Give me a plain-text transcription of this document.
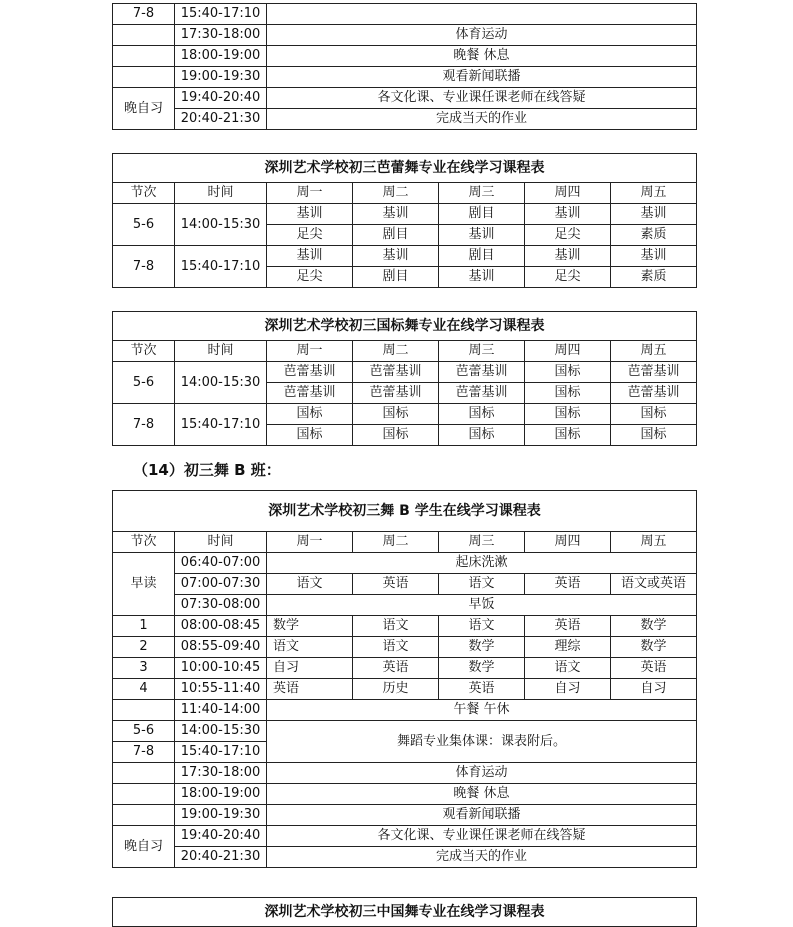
7-8	15:40-17:10	
	17:30-18:00	体育运动
	18:00-19:00	晚餐 休息
	19:00-19:30	观看新闻联播
晚自习	19:40-20:40	各文化课、专业课任课老师在线答疑
	20:40-21:30	完成当天的作业
深圳艺术学校初三芭蕾舞专业在线学习课程表						
节次	时间	周一	周二	周三	周四	周五
5-6	14:00-15:30	基训	基训	剧目	基训	基训
		足尖	剧目	基训	足尖	素质
7-8	15:40-17:10	基训	基训	剧目	基训	基训
		足尖	剧目	基训	足尖	素质
深圳艺术学校初三国标舞专业在线学习课程表						
节次	时间	周一	周二	周三	周四	周五
5-6	14:00-15:30	芭蕾基训	芭蕾基训	芭蕾基训	国标	芭蕾基训
		芭蕾基训	芭蕾基训	芭蕾基训	国标	芭蕾基训
7-8	15:40-17:10	国标	国标	国标	国标	国标
		国标	国标	国标	国标	国标
（14）初三舞 B 班：
深圳艺术学校初三舞 B 学生在线学习课程表						
节次	时间	周一	周二	周三	周四	周五
早读	06:40-07:00	起床洗漱				
	07:00-07:30	语文	英语	语文	英语	语文或英语
	07:30-08:00	早饭				
1	08:00-08:45	数学	语文	语文	英语	数学
2	08:55-09:40	语文	语文	数学	理综	数学
3	10:00-10:45	自习	英语	数学	语文	英语
4	10:55-11:40	英语	历史	英语	自习	自习
	11:40-14:00	午餐 午休				
5-6	14:00-15:30	舞蹈专业集体课：课表附后。				
7-8	15:40-17:10					
	17:30-18:00	体育运动				
	18:00-19:00	晚餐 休息				
	19:00-19:30	观看新闻联播				
晚自习	19:40-20:40	各文化课、专业课任课老师在线答疑				
	20:40-21:30	完成当天的作业				
深圳艺术学校初三中国舞专业在线学习课程表
